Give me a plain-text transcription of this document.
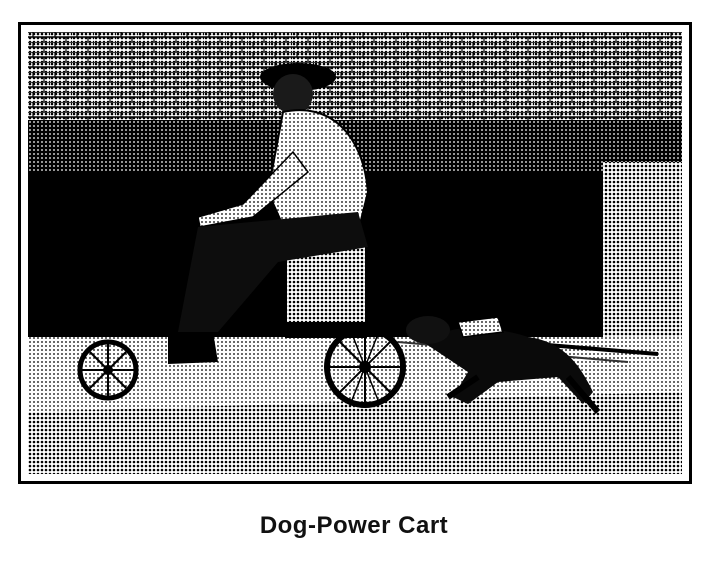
Dog-Power Cart
